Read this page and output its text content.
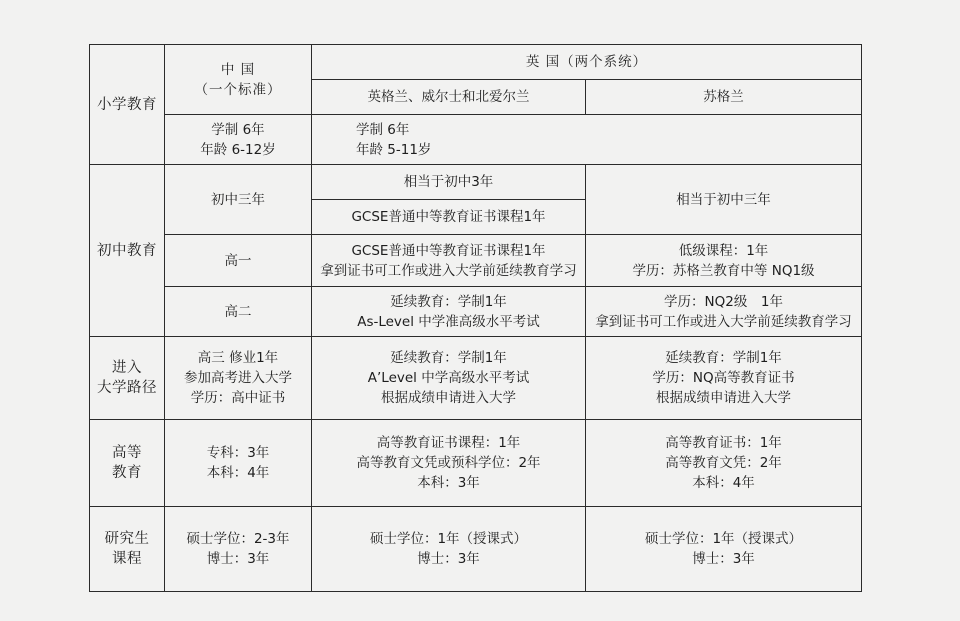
小学教育
中 国
（一个标准）
英 国（两个系统）
英格兰、威尔士和北爱尔兰	苏格兰
学制 6年
年龄 6-12岁
学制 6年
年龄 5-11岁
初中教育
初中三年
相当于初中3年
GCSE普通中等教育证书课程1年
相当于初中三年
高一
GCSE普通中等教育证书课程1年
拿到证书可工作或进入大学前延续教育学习
低级课程：1年
学历：苏格兰教育中等 NQ1级
高二
延续教育：学制1年
As-Level 中学准高级水平考试
学历：NQ2级　1年
拿到证书可工作或进入大学前延续教育学习
进入
大学路径
高三 修业1年
参加高考进入大学
学历：高中证书
延续教育：学制1年
A’Level 中学高级水平考试
根据成绩申请进入大学
延续教育：学制1年
学历：NQ高等教育证书
根据成绩申请进入大学
高等
教育
专科：3年
本科：4年
高等教育证书课程：1年
高等教育文凭或预科学位：2年
本科：3年
高等教育证书：1年
高等教育文凭：2年
本科：4年
研究生
课程
硕士学位：2-3年
博士：3年
硕士学位：1年（授课式）
博士：3年
硕士学位：1年（授课式）
博士：3年
